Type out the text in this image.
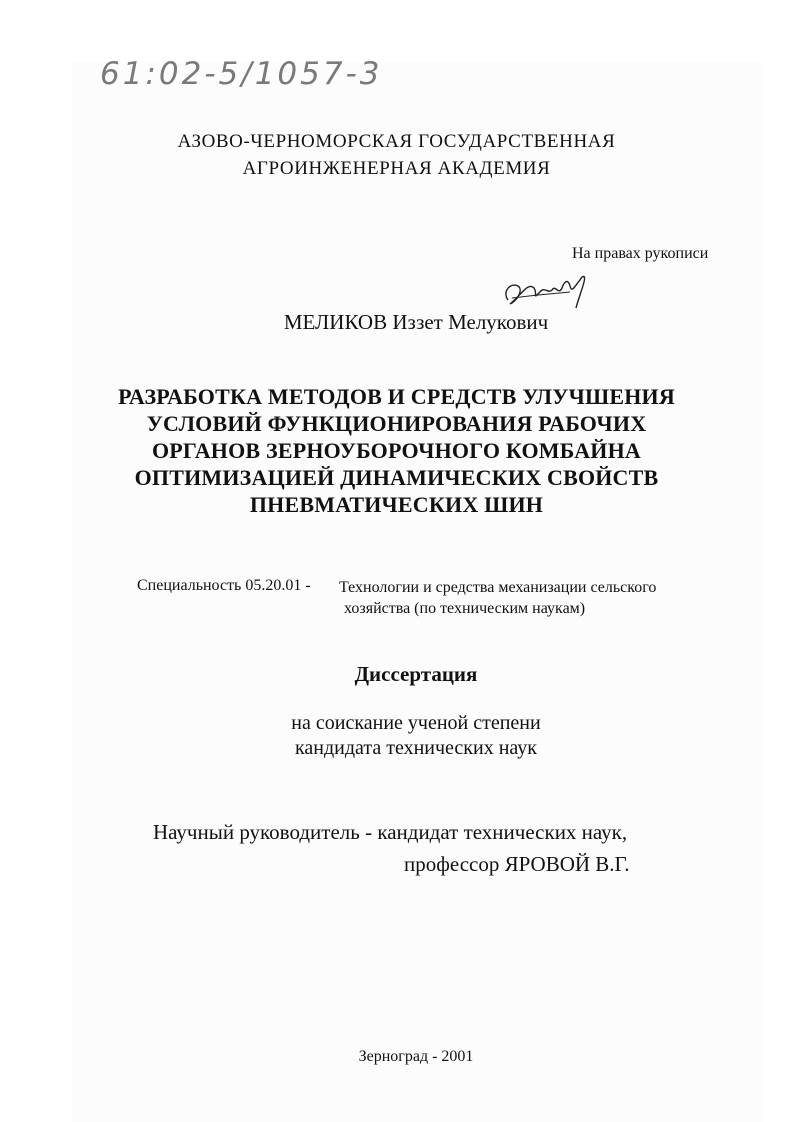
61:02-5/1057-3
АЗОВО-ЧЕРНОМОРСКАЯ ГОСУДАРСТВЕННАЯ
АГРОИНЖЕНЕРНАЯ АКАДЕМИЯ
На правах рукописи
МЕЛИКОВ Иззет Мелукович
РАЗРАБОТКА МЕТОДОВ И СРЕДСТВ УЛУЧШЕНИЯ
УСЛОВИЙ ФУНКЦИОНИРОВАНИЯ РАБОЧИХ
ОРГАНОВ ЗЕРНОУБОРОЧНОГО КОМБАЙНА
ОПТИМИЗАЦИЕЙ ДИНАМИЧЕСКИХ СВОЙСТВ
ПНЕВМАТИЧЕСКИХ ШИН
Специальность 05.20.01 - Технологии и средства механизации сельского
хозяйства (по техническим наукам)
Диссертация
на соискание ученой степени
кандидата технических наук
Научный руководитель - кандидат технических наук,
профессор ЯРОВОЙ В.Г.
Зерноград - 2001
